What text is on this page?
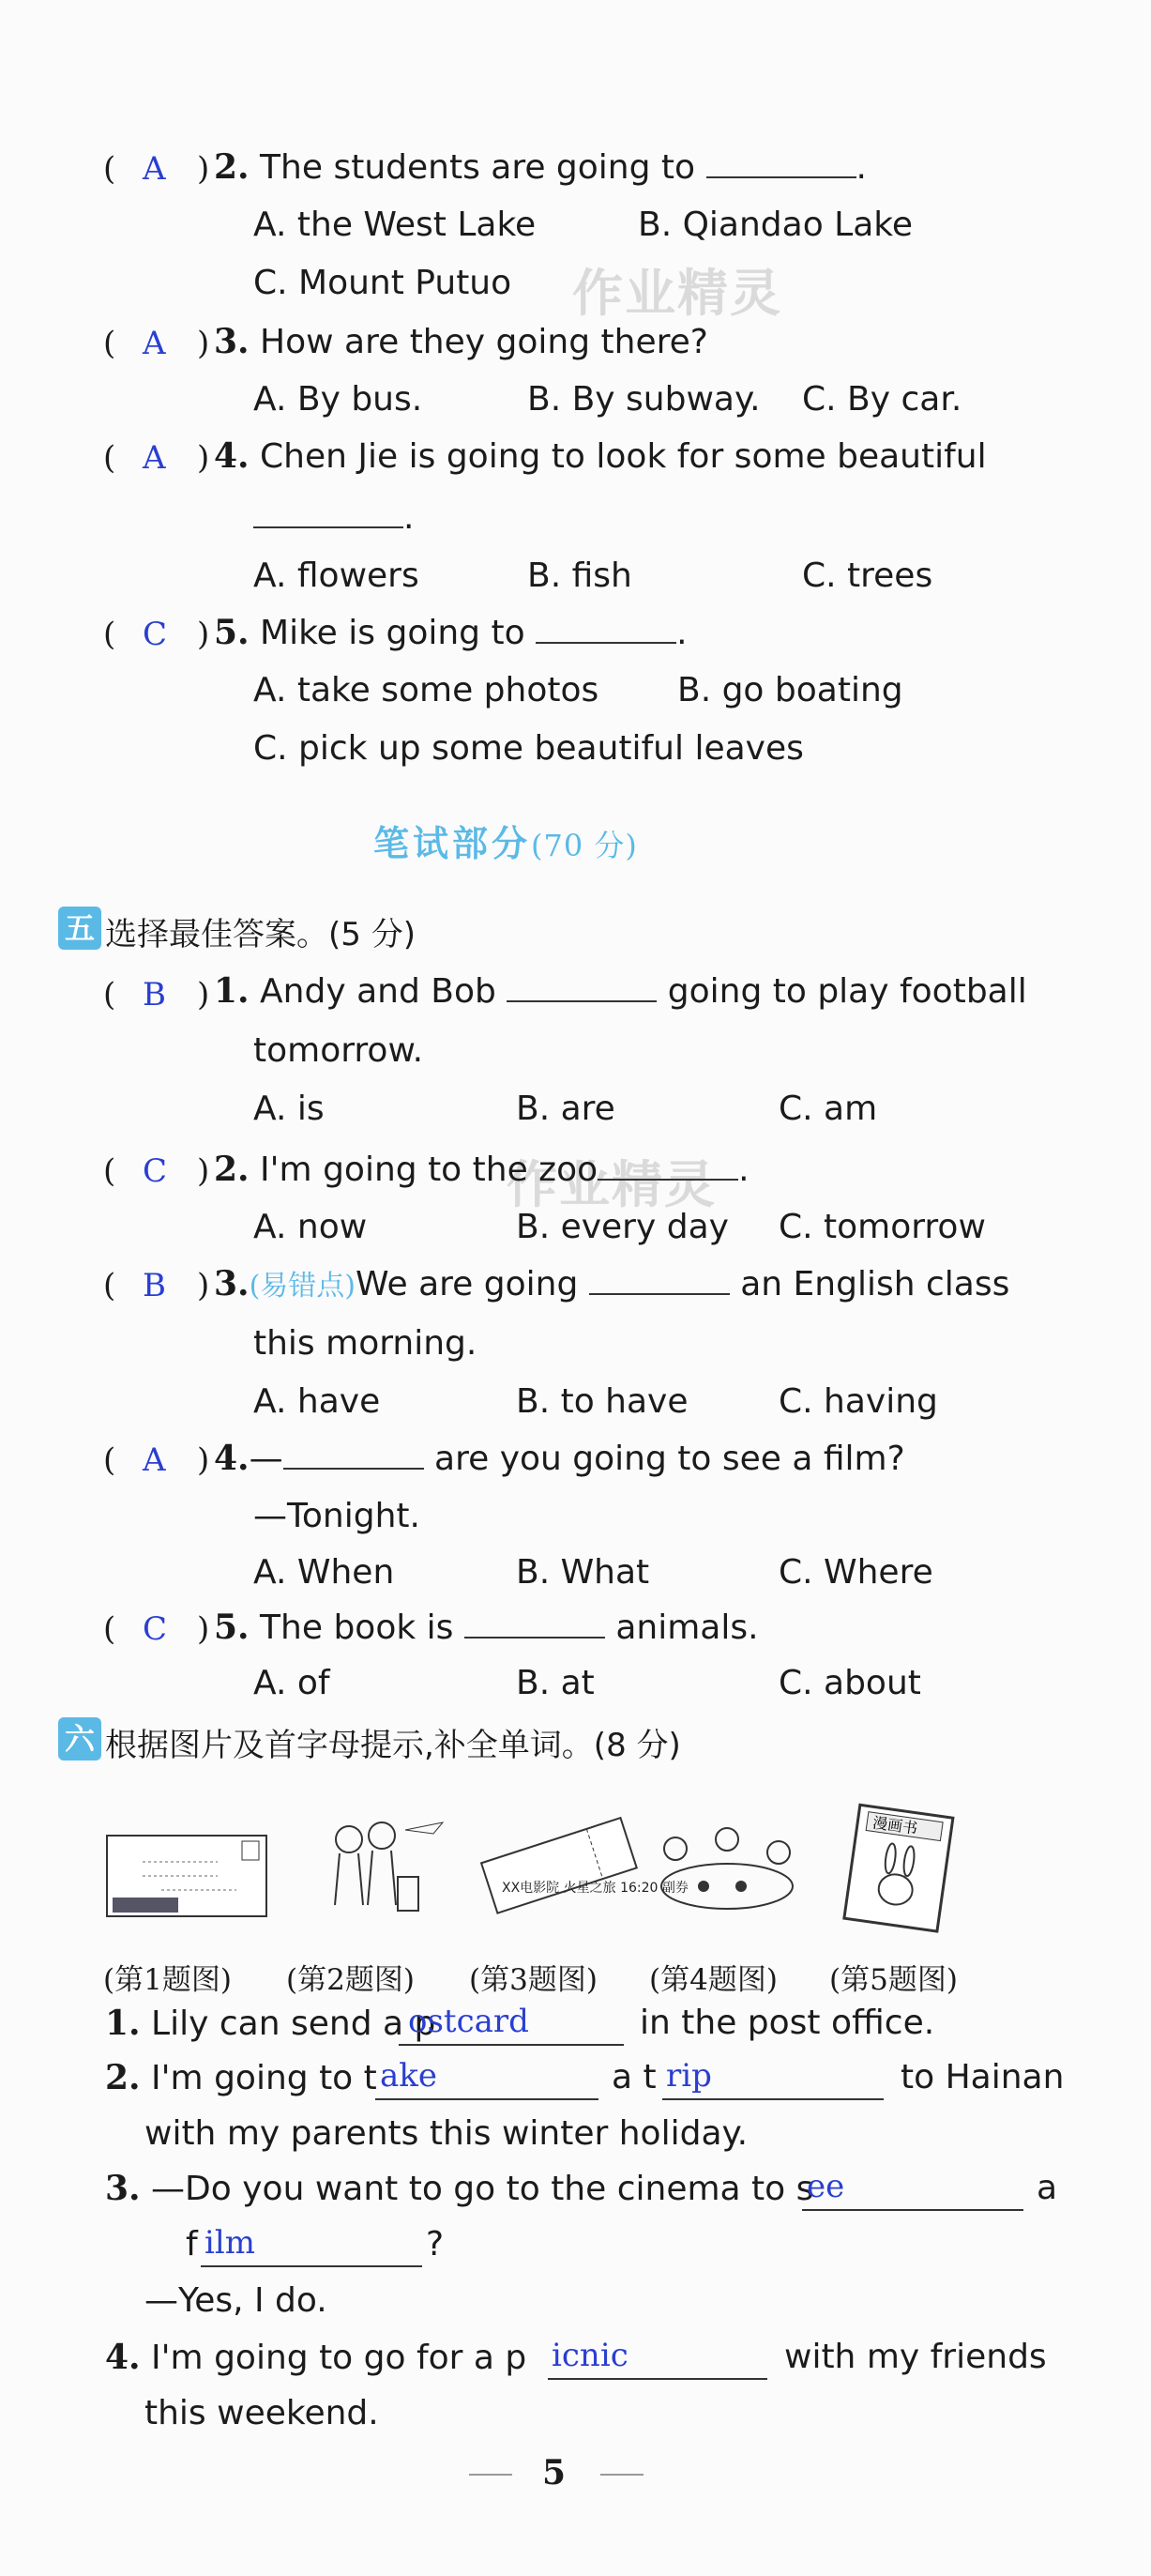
作业精灵
作业精灵
( A ) 2. The students are going to	.
A. the West Lake	B. Qiandao Lake
C. Mount Putuo
( A ) 3. How are they going there?
A. By bus.	B. By subway. C. By car.
( A ) 4. Chen Jie is going to look for some beautiful
.
A. flowers	B. fish	C. trees
( C ) 5. Mike is going to	.
A. take some photos B. go boating
C. pick up some beautiful leaves
笔试部分(70 分)
五 选择最佳答案。(5 分)
( B ) 1. Andy and Bob	going to play football
tomorrow.
A. is	B. are	C. am
( C ) 2. I'm going to the zoo	.
A. now	B. every day C. tomorrow
( B ) 3.(易错点)We are going	an English class
this morning.
A. have	B. to have	C. having
( A ) 4.—	are you going to see a film?
—Tonight.
A. When	B. What	C. Where
( C ) 5. The book is	animals.
A. of	B. at	C. about
六 根据图片及首字母提示,补全单词。(8 分)
XX电影院 火星之旅 16:20 副券
漫画书
(第1题图) (第2题图) (第3题图) (第4题图) (第5题图)
1. Lily can send a p
ostcard	in the post office.
2. I'm going to t ake	a t rip	to Hainan
with my parents this winter holiday.
3. —Do you want to go to the cinema to s
ee	a
f ilm	?
—Yes, I do.
4. I'm going to go for a p icnic	with my friends
this weekend.
5
